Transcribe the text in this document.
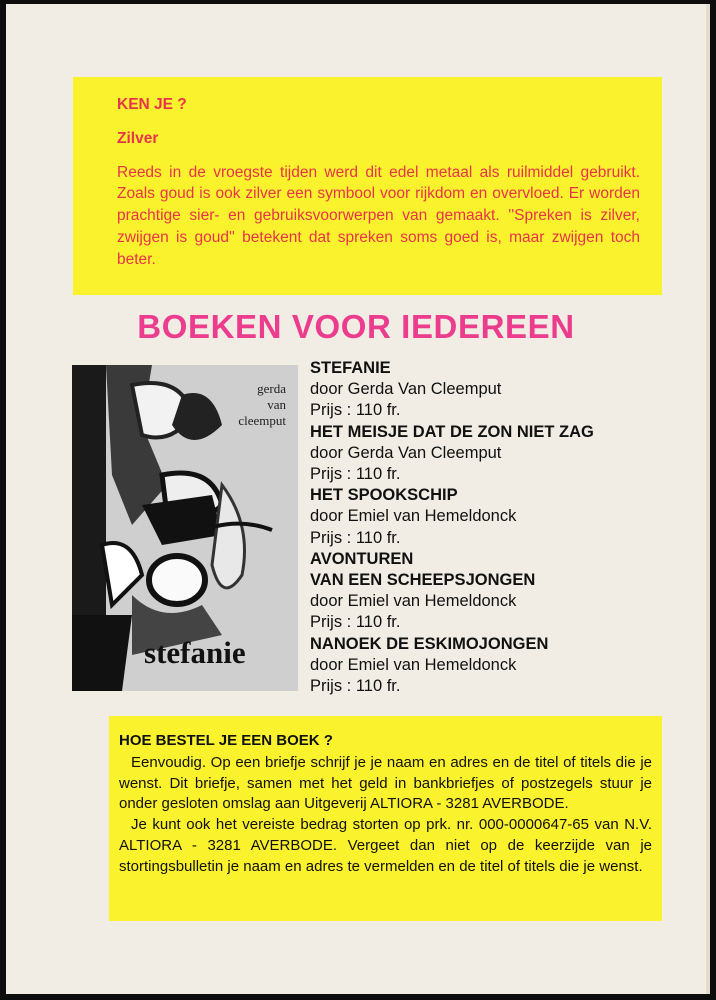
KEN JE ?
Zilver

Reeds in de vroegste tijden werd dit edel metaal als ruilmiddel gebruikt. Zoals goud is ook zilver een symbool voor rijkdom en overvloed. Er worden prachtige sier- en gebruiksvoorwerpen van gemaakt. ''Spreken is zilver, zwijgen is goud'' betekent dat spreken soms goed is, maar zwijgen toch beter.

BOEKEN VOOR IEDEREEN
gerda
van
cleemput
stefanie
STEFANIE
door Gerda Van Cleemput
Prijs : 110 fr.
HET MEISJE DAT DE ZON NIET ZAG
door Gerda Van Cleemput
Prijs : 110 fr.
HET SPOOKSCHIP
door Emiel van Hemeldonck
Prijs : 110 fr.
AVONTUREN
VAN EEN SCHEEPSJONGEN
door Emiel van Hemeldonck
Prijs : 110 fr.
NANOEK DE ESKIMOJONGEN
door Emiel van Hemeldonck
Prijs : 110 fr.
HOE BESTEL JE EEN BOEK ?

Eenvoudig. Op een briefje schrijf je je naam en adres en de titel of titels die je wenst. Dit briefje, samen met het geld in bankbriefjes of postzegels stuur je onder gesloten omslag aan Uitgeverij ALTIORA - 3281 AVERBODE.

Je kunt ook het vereiste bedrag storten op prk. nr. 000-0000647-65 van N.V. ALTIORA - 3281 AVERBODE. Vergeet dan niet op de keerzijde van je stortingsbulletin je naam en adres te vermelden en de titel of titels die je wenst.
